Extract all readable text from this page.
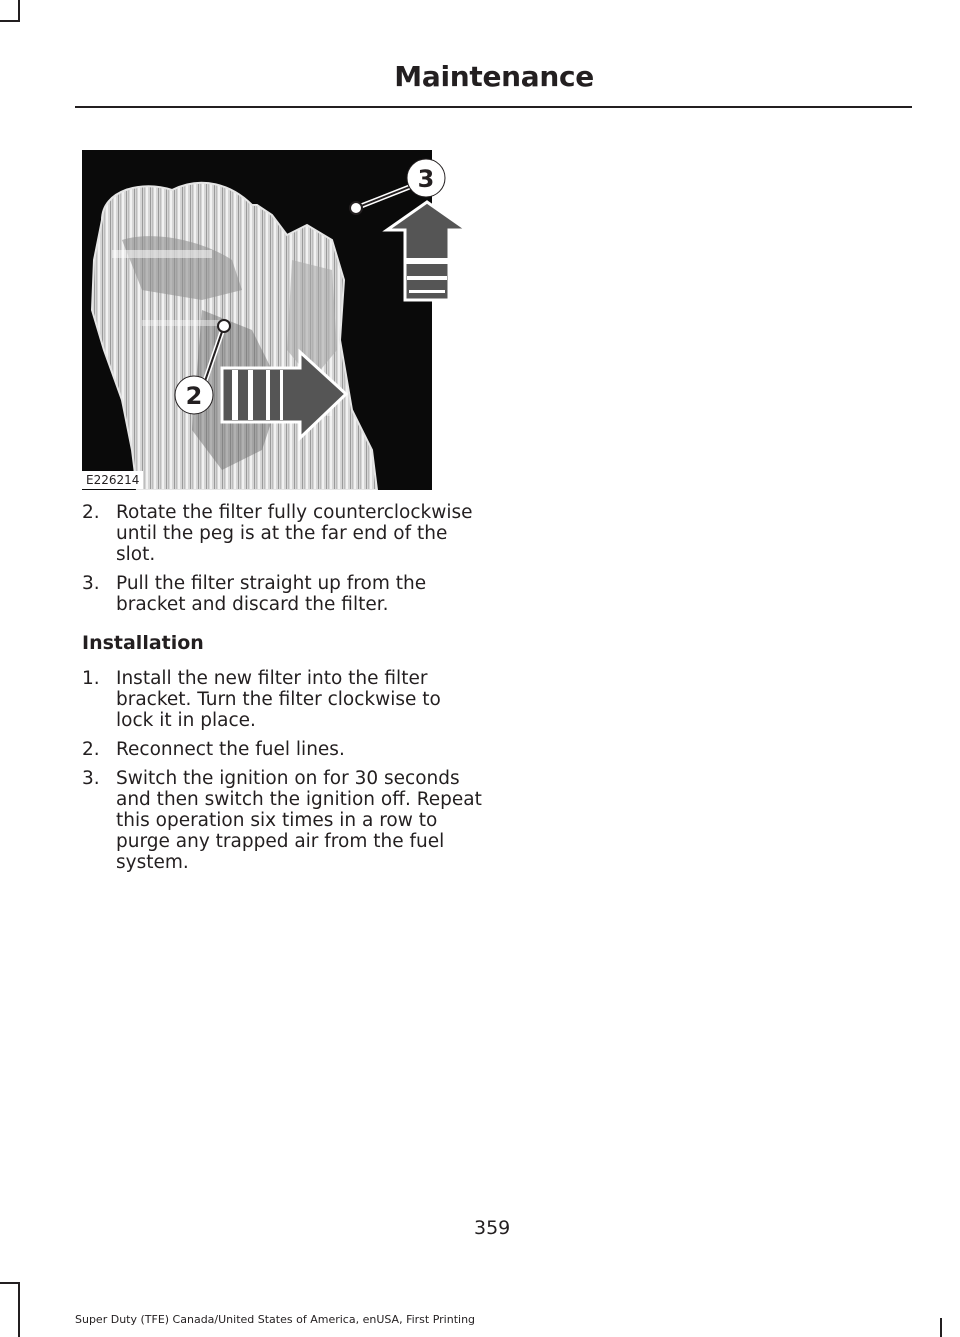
Maintenance
3
2
E226214
2. Rotate the filter fully counterclockwise until the peg is at the far end of the slot.
3. Pull the filter straight up from the bracket and discard the filter.
Installation
1. Install the new filter into the filter bracket. Turn the filter clockwise to lock it in place.
2. Reconnect the fuel lines.
3. Switch the ignition on for 30 seconds and then switch the ignition off. Repeat this operation six times in a row to purge any trapped air from the fuel system.
359
Super Duty (TFE) Canada/United States of America, enUSA, First Printing
